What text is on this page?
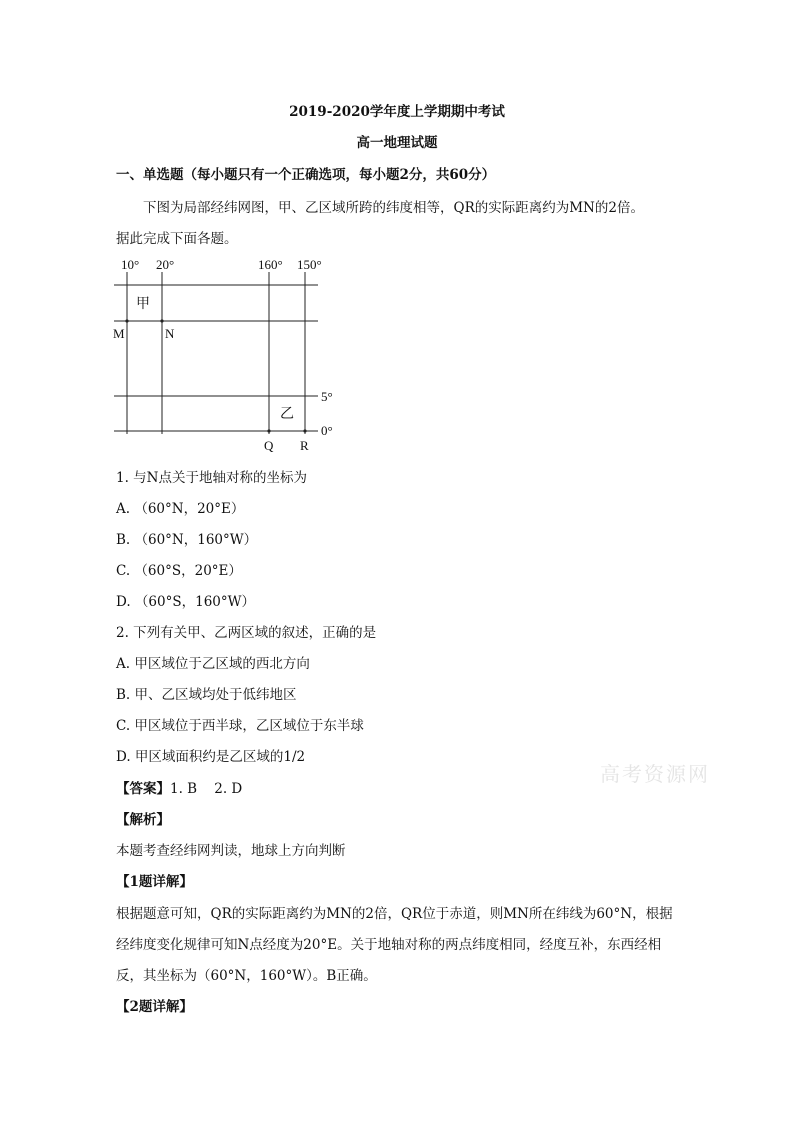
2019-2020学年度上学期期中考试
高一地理试题
一、单选题（每小题只有一个正确选项，每小题2分，共60分）
下图为局部经纬网图，甲、乙区域所跨的纬度相等，QR的实际距离约为MN的2倍。
据此完成下面各题。
10° 20°	160° 150°
甲
M	N
5°
乙
0°
Q R
1. 与N点关于地轴对称的坐标为
A. （60°N，20°E）
B. （60°N，160°W）
C. （60°S，20°E）
D. （60°S，160°W）
2. 下列有关甲、乙两区域的叙述，正确的是
A. 甲区域位于乙区域的西北方向
B. 甲、乙区域均处于低纬地区
C. 甲区域位于西半球，乙区域位于东半球
D. 甲区域面积约是乙区域的1/2
高考资源网
【答案】1. B    2. D
【解析】
本题考查经纬网判读，地球上方向判断
【1题详解】
根据题意可知，QR的实际距离约为MN的2倍，QR位于赤道，则MN所在纬线为60°N，根据
经纬度变化规律可知N点经度为20°E。关于地轴对称的两点纬度相同，经度互补，东西经相
反，其坐标为（60°N，160°W）。B正确。
【2题详解】
